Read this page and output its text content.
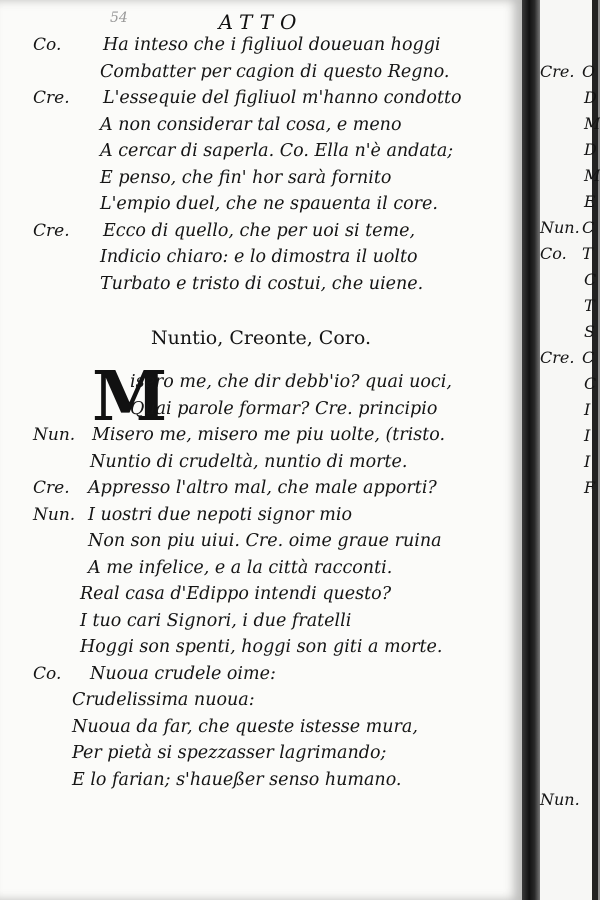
54	ATTO
Co. Ha inteso che i figliuol doueuan hoggi
Combatter per cagion di questo Regno.
Cre. L'essequie del figliuol m'hanno condotto
A non considerar tal cosa, e meno
A cercar di saperla. Co. Ella n'è andata;
E penso, che fin' hor sarà fornito
L'empio duel, che ne spauenta il core.
Cre. Ecco di quello, che per uoi si teme,
Indicio chiaro: e lo dimostra il uolto
Turbato e tristo di costui, che uiene.
Nuntio, Creonte, Coro.
M
isero me, che dir debb'io? quai uoci,
Quai parole formar? Cre. principio
Nun. Misero me, misero me piu uolte, (tristo.
Nuntio di crudeltà, nuntio di morte.
Cre. Appresso l'altro mal, che male apporti?
Nun. I uostri due nepoti signor mio
Non son piu uiui. Cre. oime graue ruina
A me infelice, e a la città racconti.
Real casa d'Edippo intendi questo?
I tuo cari Signori, i due fratelli
Hoggi son spenti, hoggi son giti a morte.
Co. Nuoua crudele oime:
Crudelissima nuoua:
Nuoua da far, che queste istesse mura,
Per pietà si spezzasser lagrimando;
E lo farian; s'haueßer senso humano.
Cre. O
D
M
D
M
E
Nun. C
Co. T
C
T
S
Cre. C
C
I
I
I
F
Nun.
